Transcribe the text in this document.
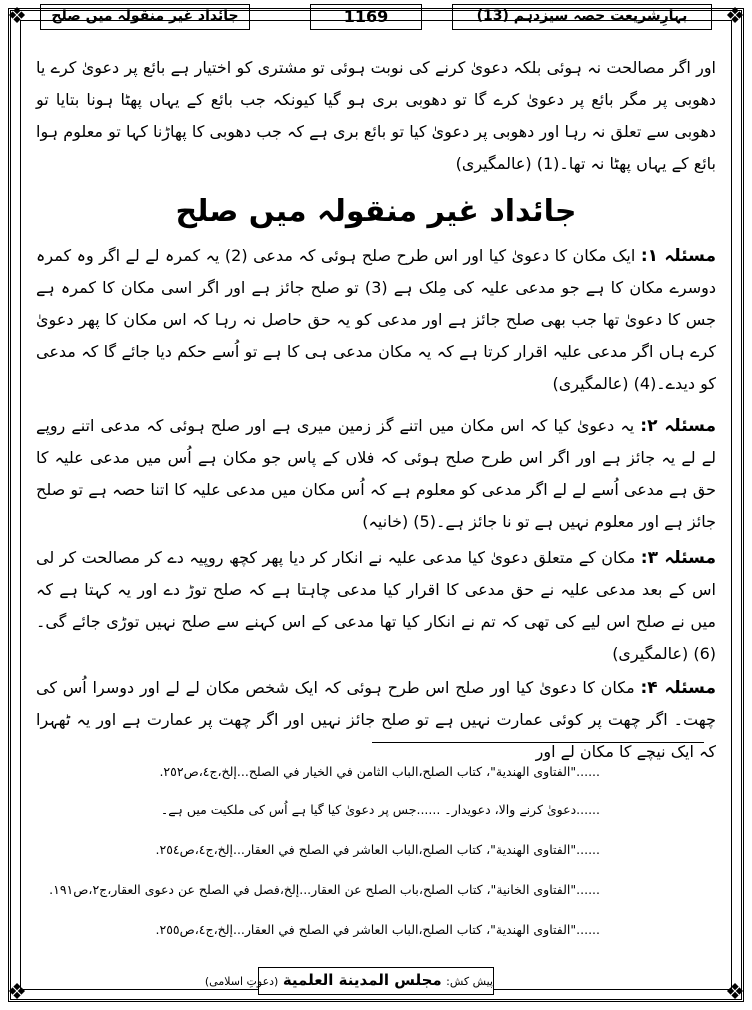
❖	❖
❖	❖
جائداد غیر منقولہ میں صلح	1169	بہارِشریعت حصہ سیزدہم (13)

اور اگر مصالحت نہ ہوئی بلکہ دعویٰ کرنے کی نوبت ہوئی تو مشتری کو اختیار ہے بائع پر دعویٰ کرے یا دھوبی پر مگر بائع پر دعویٰ کرے گا تو دھوبی بری ہو گیا کیونکہ جب بائع کے یہاں پھٹا ہونا بتایا تو دھوبی سے تعلق نہ رہا اور دھوبی پر دعویٰ کیا تو بائع بری ہے کہ جب دھوبی کا پھاڑنا کہا تو معلوم ہوا بائع کے یہاں پھٹا نہ تھا۔(1) (عالمگیری)

جائداد غیر منقولہ میں صلح

مسئلہ ۱: ایک مکان کا دعویٰ کیا اور اس طرح صلح ہوئی کہ مدعی (2) یہ کمرہ لے لے اگر وہ کمرہ دوسرے مکان کا ہے جو مدعی علیہ کی مِلک ہے (3) تو صلح جائز ہے اور اگر اسی مکان کا کمرہ ہے جس کا دعویٰ تھا جب بھی صلح جائز ہے اور مدعی کو یہ حق حاصل نہ رہا کہ اس مکان کا پھر دعویٰ کرے ہاں اگر مدعی علیہ اقرار کرتا ہے کہ یہ مکان مدعی ہی کا ہے تو اُسے حکم دیا جائے گا کہ مدعی کو دیدے۔(4) (عالمگیری)

مسئلہ ۲: یہ دعویٰ کیا کہ اس مکان میں اتنے گز زمین میری ہے اور صلح ہوئی کہ مدعی اتنے روپے لے لے یہ جائز ہے اور اگر اس طرح صلح ہوئی کہ فلاں کے پاس جو مکان ہے اُس میں مدعی علیہ کا حق ہے مدعی اُسے لے لے اگر مدعی کو معلوم ہے کہ اُس مکان میں مدعی علیہ کا اتنا حصہ ہے تو صلح جائز ہے اور معلوم نہیں ہے تو نا جائز ہے۔(5) (خانیہ)

مسئلہ ۳: مکان کے متعلق دعویٰ کیا مدعی علیہ نے انکار کر دیا پھر کچھ روپیہ دے کر مصالحت کر لی اس کے بعد مدعی علیہ نے حق مدعی کا اقرار کیا مدعی چاہتا ہے کہ صلح توڑ دے اور یہ کہتا ہے کہ میں نے صلح اس لیے کی تھی کہ تم نے انکار کیا تھا مدعی کے اس کہنے سے صلح نہیں توڑی جائے گی۔(6) (عالمگیری)

مسئلہ ۴: مکان کا دعویٰ کیا اور صلح اس طرح ہوئی کہ ایک شخص مکان لے لے اور دوسرا اُس کی چھت۔ اگر چھت پر کوئی عمارت نہیں ہے تو صلح جائز نہیں اور اگر چھت پر عمارت ہے اور یہ ٹھہرا کہ ایک نیچے کا مکان لے اور

......"الفتاوى الهندية"، كتاب الصلح،الباب الثامن في الخيار في الصلح...إلخ،ج٤،ص٢٥٢.
......دعویٰ کرنے والا، دعویدار۔ ......جس پر دعویٰ کیا گیا ہے اُس کی ملکیت میں ہے۔
......"الفتاوى الهندية"، كتاب الصلح،الباب العاشر في الصلح في العقار...إلخ،ج٤،ص٢٥٤.
......"الفتاوى الخانية"، كتاب الصلح،باب الصلح عن العقار...إلخ،فصل في الصلح عن دعوى العقار،ج٢،ص١٩١.
......"الفتاوى الهندية"، كتاب الصلح،الباب العاشر في الصلح في العقار...إلخ،ج٤،ص٢٥٥.
پیش کش: مجلس المدينة العلمية (دعوتِ اسلامی)
